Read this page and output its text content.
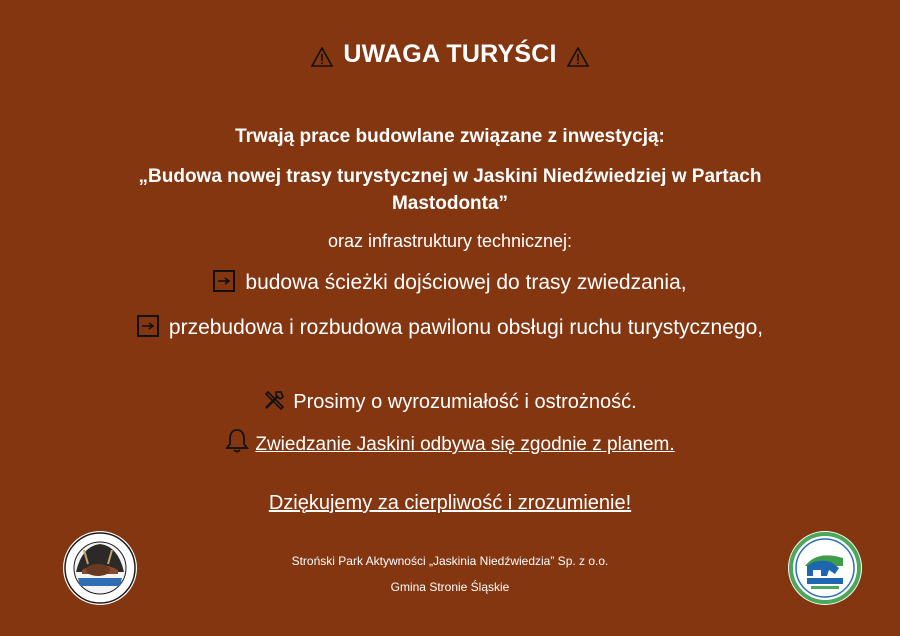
UWAGA TURYŚCI
Trwają prace budowlane związane z inwestycją:
„Budowa nowej trasy turystycznej w Jaskini Niedźwiedziej w Partach
Mastodonta”
oraz infrastruktury technicznej:
budowa ścieżki dojściowej do trasy zwiedzania,
przebudowa i rozbudowa pawilonu obsługi ruchu turystycznego,
Prosimy o wyrozumiałość i ostrożność.
Zwiedzanie Jaskini odbywa się zgodnie z planem.
Dziękujemy za cierpliwość i zrozumienie!
Stroński Park Aktywności „Jaskinia Niedźwiedzia” Sp. z o.o.
Gmina Stronie Śląskie
